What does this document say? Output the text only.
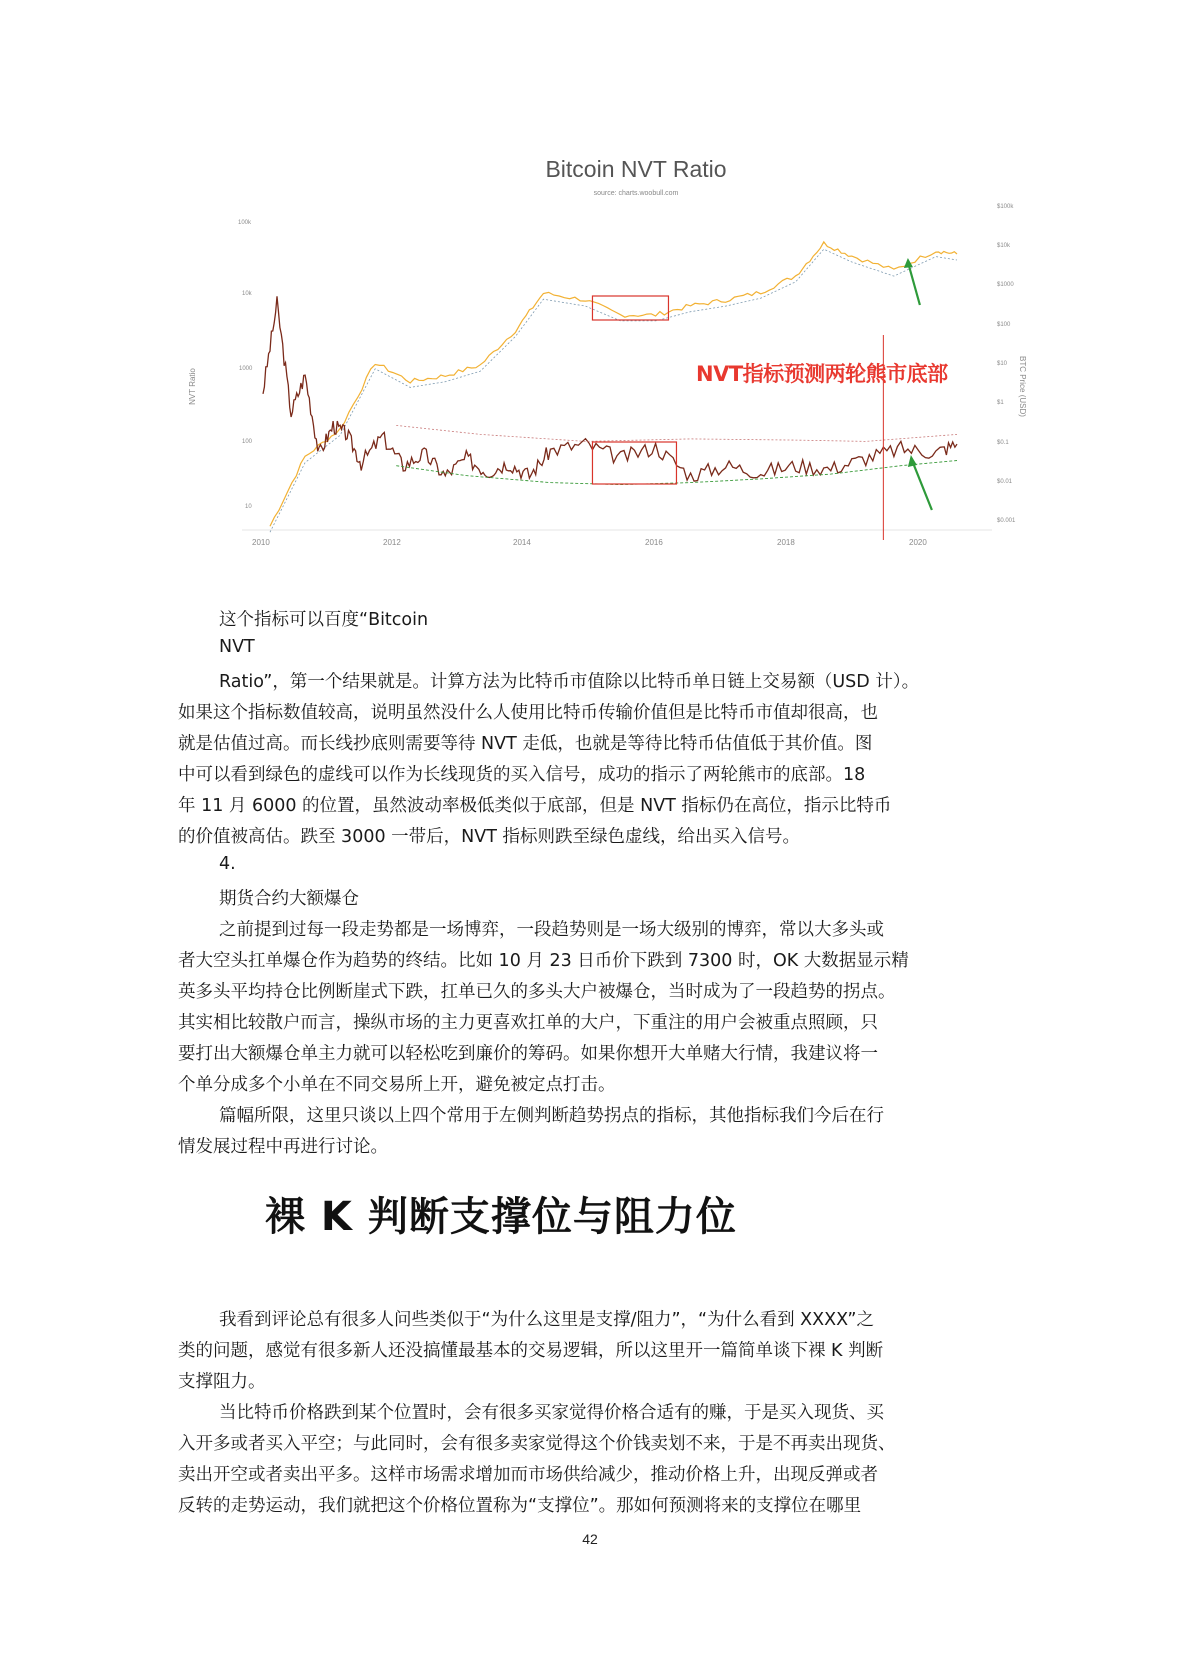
Bitcoin NVT Ratio
source: charts.woobull.com
NVT Ratio	BTC Price (USD)
100k
10k
1000
100
10
$100k
$10k
$1000
$100
$10
$1
$0.1
$0.01
$0.001
2010	2012	2014	2016	2018	2020
NVT指标预测两轮熊市底部
这个指标可以百度“Bitcoin
NVT
Ratio”，第一个结果就是。计算方法为比特币市值除以比特币单日链上交易额（USD 计）。
如果这个指标数值较高，说明虽然没什么人使用比特币传输价值但是比特币市值却很高，也
就是估值过高。而长线抄底则需要等待 NVT 走低，也就是等待比特币估值低于其价值。图
中可以看到绿色的虚线可以作为长线现货的买入信号，成功的指示了两轮熊市的底部。18
年 11 月 6000 的位置，虽然波动率极低类似于底部，但是 NVT 指标仍在高位，指示比特币
的价值被高估。跌至 3000 一带后，NVT 指标则跌至绿色虚线，给出买入信号。
4.
期货合约大额爆仓
之前提到过每一段走势都是一场博弈，一段趋势则是一场大级别的博弈，常以大多头或
者大空头扛单爆仓作为趋势的终结。比如 10 月 23 日币价下跌到 7300 时，OK 大数据显示精
英多头平均持仓比例断崖式下跌，扛单已久的多头大户被爆仓，当时成为了一段趋势的拐点。
其实相比较散户而言，操纵市场的主力更喜欢扛单的大户，下重注的用户会被重点照顾，只
要打出大额爆仓单主力就可以轻松吃到廉价的筹码。如果你想开大单赌大行情，我建议将一
个单分成多个小单在不同交易所上开，避免被定点打击。
篇幅所限，这里只谈以上四个常用于左侧判断趋势拐点的指标，其他指标我们今后在行
情发展过程中再进行讨论。
裸 K 判断支撑位与阻力位
我看到评论总有很多人问些类似于“为什么这里是支撑/阻力”，“为什么看到 XXXX”之
类的问题，感觉有很多新人还没搞懂最基本的交易逻辑，所以这里开一篇简单谈下裸 K 判断
支撑阻力。
当比特币价格跌到某个位置时，会有很多买家觉得价格合适有的赚，于是买入现货、买
入开多或者买入平空；与此同时，会有很多卖家觉得这个价钱卖划不来，于是不再卖出现货、
卖出开空或者卖出平多。这样市场需求增加而市场供给减少，推动价格上升，出现反弹或者
反转的走势运动，我们就把这个价格位置称为“支撑位”。那如何预测将来的支撑位在哪里
42
